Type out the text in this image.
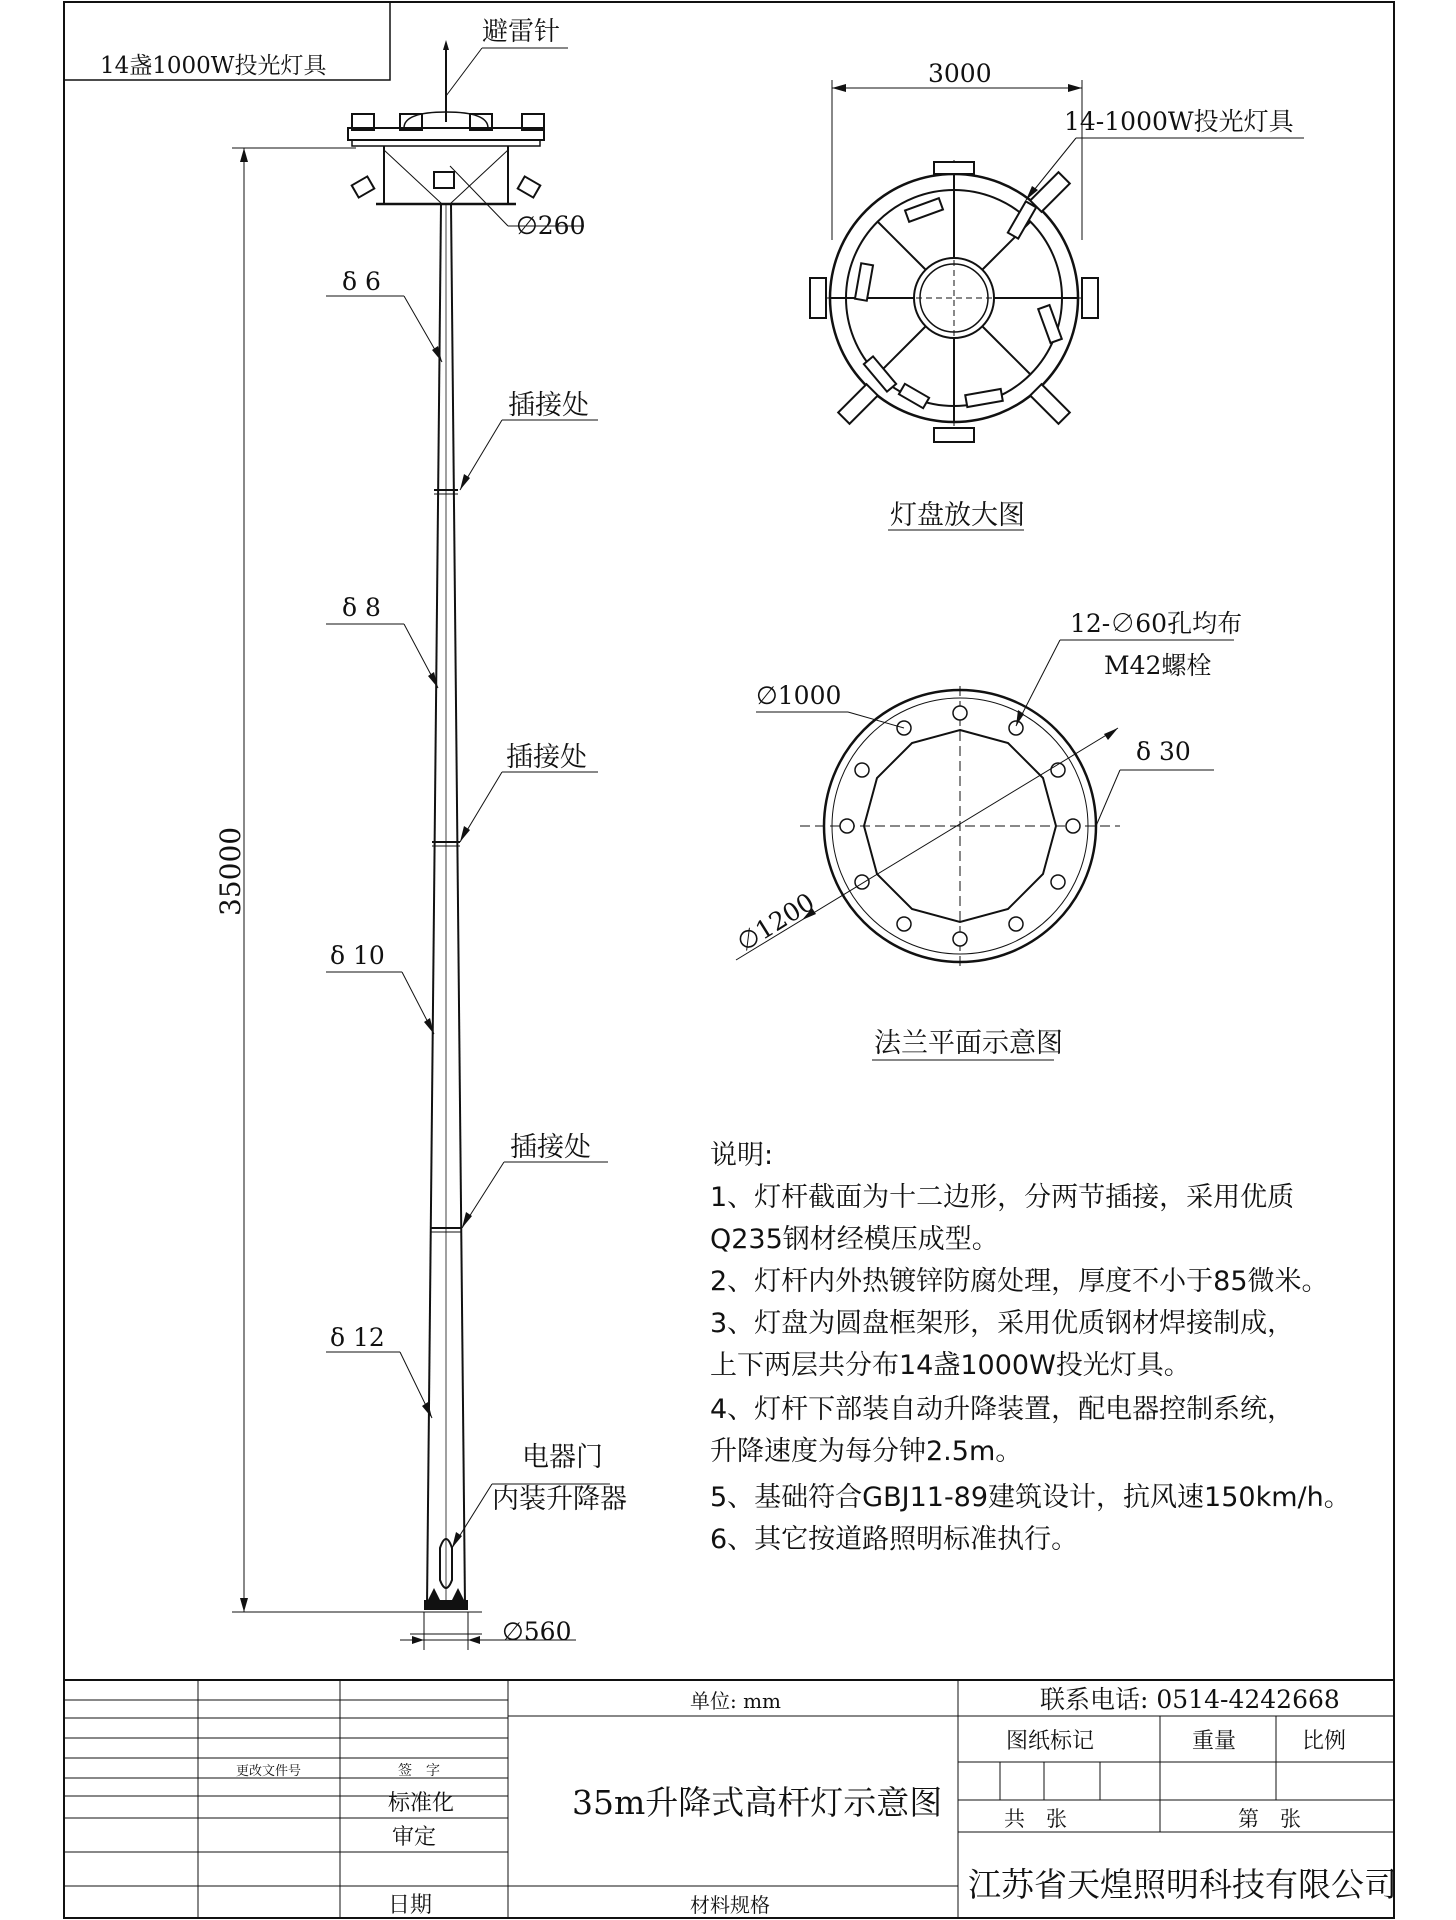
14盏1000W投光灯具
避雷针
∅260
∅560
35000
δ 6
δ 8
δ 10
δ 12
插接处
插接处
插接处
电器门
内装升降器
3000
14-1000W投光灯具
灯盘放大图
12-∅60孔均布
M42螺栓
∅1000
δ 30
∅1200
法兰平面示意图
说明:
1、灯杆截面为十二边形，分两节插接，采用优质
Q235钢材经模压成型。
2、灯杆内外热镀锌防腐处理，厚度不小于85微米。
3、灯盘为圆盘框架形，采用优质钢材焊接制成，
上下两层共分布14盏1000W投光灯具。
4、灯杆下部装自动升降装置，配电器控制系统，
升降速度为每分钟2.5m。
5、基础符合GBJ11-89建筑设计，抗风速150km/h。
6、其它按道路照明标准执行。
更改文件号	签　字
标准化
审定
日期
单位: mm
35m升降式高杆灯示意图
材料规格
联系电话: 0514-4242668
图纸标记	重量	比例
共　张	第　张
江苏省天煌照明科技有限公司
